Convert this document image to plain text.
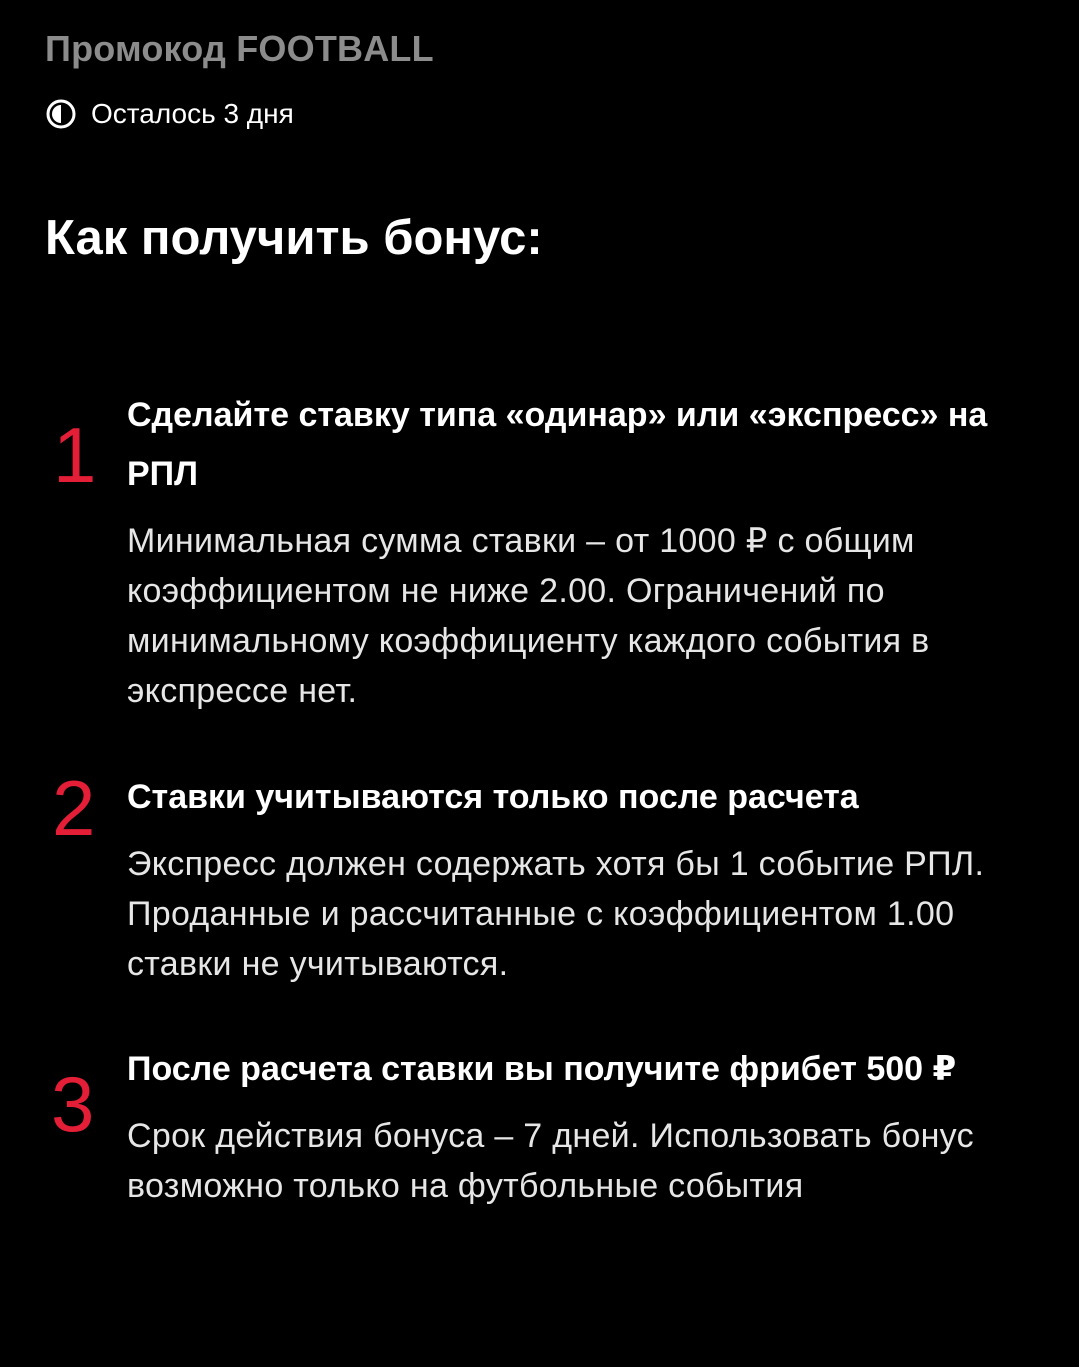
Промокод FOOTBALL
Осталось 3 дня
Как получить бонус:
1 Сделайте ставку типа «одинар» или «экспресс» на РПЛ
Минимальная сумма ставки – от 1000 ₽ с общим коэффициентом не ниже 2.00. Ограничений по минимальному коэффициенту каждого события в экспрессе нет.
2 Ставки учитываются только после расчета
Экспресс должен содержать хотя бы 1 событие РПЛ. Проданные и рассчитанные с коэффициентом 1.00 ставки не учитываются.
3 После расчета ставки вы получите фрибет 500 ₽
Срок действия бонуса – 7 дней. Использовать бонус возможно только на футбольные события
